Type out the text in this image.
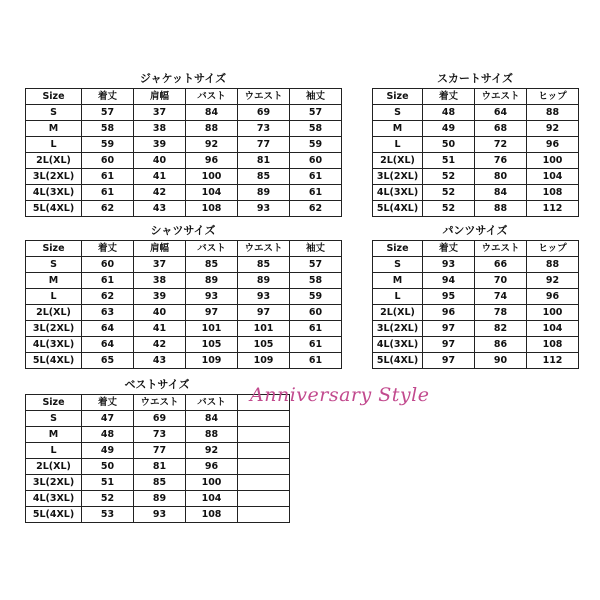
ジャケットサイズ
Size	着丈	肩幅	バスト	ウエスト	袖丈
S	57	37	84	69	57
M	58	38	88	73	58
L	59	39	92	77	59
2L(XL)	60	40	96	81	60
3L(2XL)	61	41	100	85	61
4L(3XL)	61	42	104	89	61
5L(4XL)	62	43	108	93	62
スカートサイズ
Size	着丈	ウエスト	ヒップ
S	48	64	88
M	49	68	92
L	50	72	96
2L(XL)	51	76	100
3L(2XL)	52	80	104
4L(3XL)	52	84	108
5L(4XL)	52	88	112
シャツサイズ
Size	着丈	肩幅	バスト	ウエスト	袖丈
S	60	37	85	85	57
M	61	38	89	89	58
L	62	39	93	93	59
2L(XL)	63	40	97	97	60
3L(2XL)	64	41	101	101	61
4L(3XL)	64	42	105	105	61
5L(4XL)	65	43	109	109	61
パンツサイズ
Size	着丈	ウエスト	ヒップ
S	93	66	88
M	94	70	92
L	95	74	96
2L(XL)	96	78	100
3L(2XL)	97	82	104
4L(3XL)	97	86	108
5L(4XL)	97	90	112
ベストサイズ
Size	着丈	ウエスト	バスト	
S	47	69	84	
M	48	73	88	
L	49	77	92	
2L(XL)	50	81	96	
3L(2XL)	51	85	100	
4L(3XL)	52	89	104	
5L(4XL)	53	93	108	
Anniversary Style
